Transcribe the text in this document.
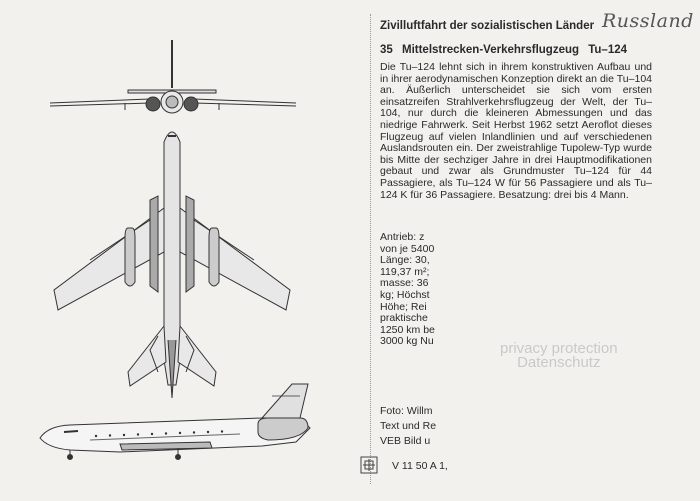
Zivilluftfahrt der sozialistischen Länder Russland
35 Mittelstrecken-Verkehrsflugzeug Tu–124
Die Tu–124 lehnt sich in ihrem konstruktiven Aufbau und in ihrer aerodynamischen Konzeption direkt an die Tu–104 an. Äußerlich unterscheidet sie sich vom ersten einsatzreifen Strahlverkehrsflugzeug der Welt, der Tu–104, nur durch die kleineren Abmessungen und das niedrige Fahrwerk. Seit Herbst 1962 setzt Aeroflot dieses Flugzeug auf vielen Inlandlinien und auf verschiedenen Auslandsrouten ein. Der zweistrahlige Tupolew-Typ wurde bis Mitte der sechziger Jahre in drei Hauptmodifikationen gebaut und zwar als Grundmuster Tu–124 für 44 Passagiere, als Tu–124 W für 56 Passagiere und als Tu–124 K für 36 Passagiere. Besatzung: drei bis 4 Mann.
Antrieb: z
von je 5400
Länge: 30,
119,37 m²;
masse: 36
kg; Höchst
Höhe; Rei
praktische
1250 km be
3000 kg Nu
Foto: Willm
Text und Re
VEB Bild u
V 11 50 A 1,
privacy protection
Datenschutz
